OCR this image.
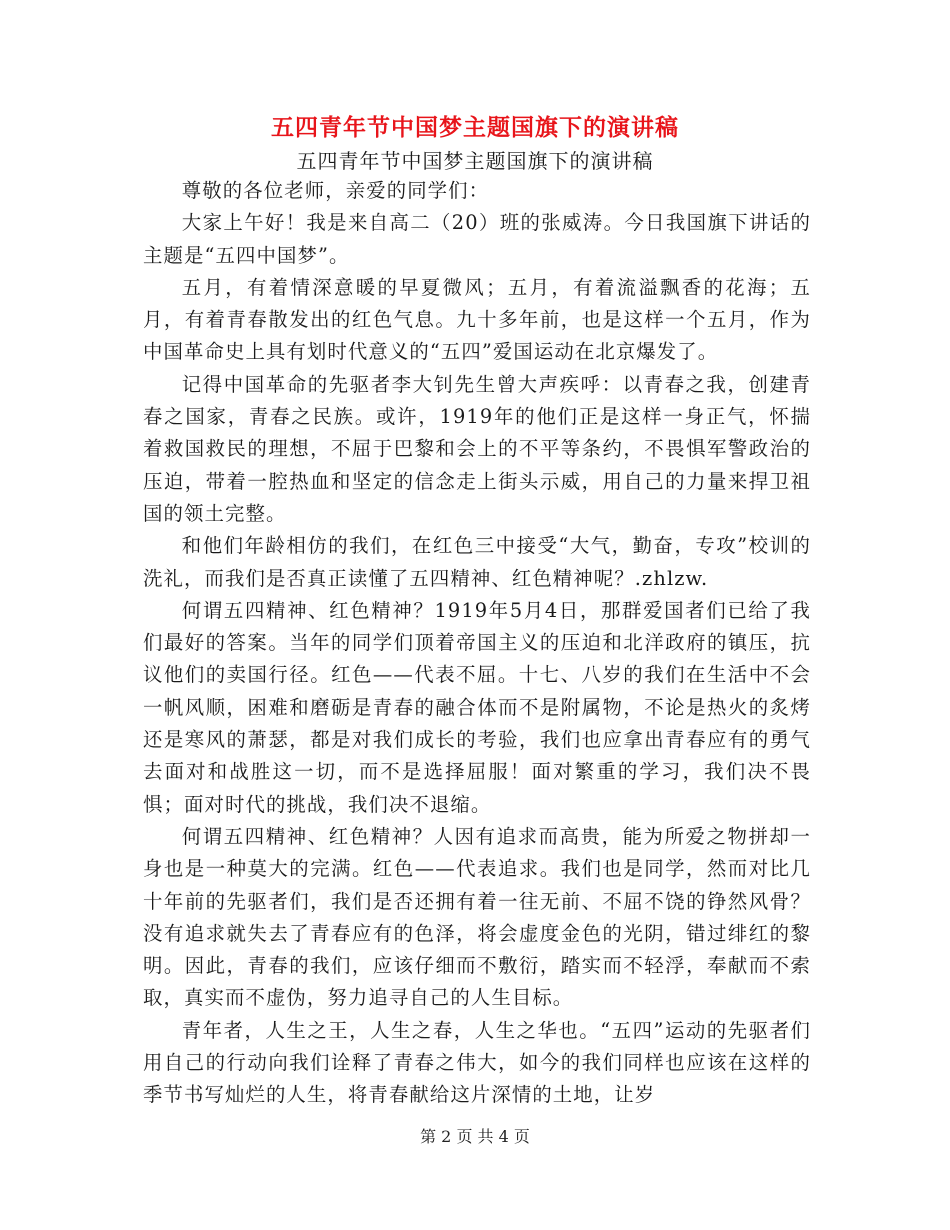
五四青年节中国梦主题国旗下的演讲稿
五四青年节中国梦主题国旗下的演讲稿

尊敬的各位老师，亲爱的同学们：

大家上午好！我是来自高二（20）班的张威涛。今日我国旗下讲话的主题是“五四中国梦”。

五月，有着情深意暖的早夏微风；五月，有着流溢飘香的花海；五月，有着青春散发出的红色气息。九十多年前，也是这样一个五月，作为中国革命史上具有划时代意义的“五四”爱国运动在北京爆发了。

记得中国革命的先驱者李大钊先生曾大声疾呼：以青春之我，创建青春之国家，青春之民族。或许，1919年的他们正是这样一身正气，怀揣着救国救民的理想，不屈于巴黎和会上的不平等条约，不畏惧军警政治的压迫，带着一腔热血和坚定的信念走上街头示威，用自己的力量来捍卫祖国的领土完整。

和他们年龄相仿的我们，在红色三中接受“大气，勤奋，专攻”校训的洗礼，而我们是否真正读懂了五四精神、红色精神呢？.zhlzw.

何谓五四精神、红色精神？1919年5月4日，那群爱国者们已给了我们最好的答案。当年的同学们顶着帝国主义的压迫和北洋政府的镇压，抗议他们的卖国行径。红色——代表不屈。十七、八岁的我们在生活中不会一帆风顺，困难和磨砺是青春的融合体而不是附属物，不论是热火的炙烤还是寒风的萧瑟，都是对我们成长的考验，我们也应拿出青春应有的勇气去面对和战胜这一切，而不是选择屈服！面对繁重的学习，我们决不畏惧；面对时代的挑战，我们决不退缩。

何谓五四精神、红色精神？人因有追求而高贵，能为所爱之物拼却一身也是一种莫大的完满。红色——代表追求。我们也是同学，然而对比几十年前的先驱者们，我们是否还拥有着一往无前、不屈不饶的铮然风骨？没有追求就失去了青春应有的色泽，将会虚度金色的光阴，错过绯红的黎明。因此，青春的我们，应该仔细而不敷衍，踏实而不轻浮，奉献而不索取，真实而不虚伪，努力追寻自己的人生目标。

青年者，人生之王，人生之春，人生之华也。“五四”运动的先驱者们用自己的行动向我们诠释了青春之伟大，如今的我们同样也应该在这样的季节书写灿烂的人生，将青春献给这片深情的土地，让岁

第 2 页 共 4 页
